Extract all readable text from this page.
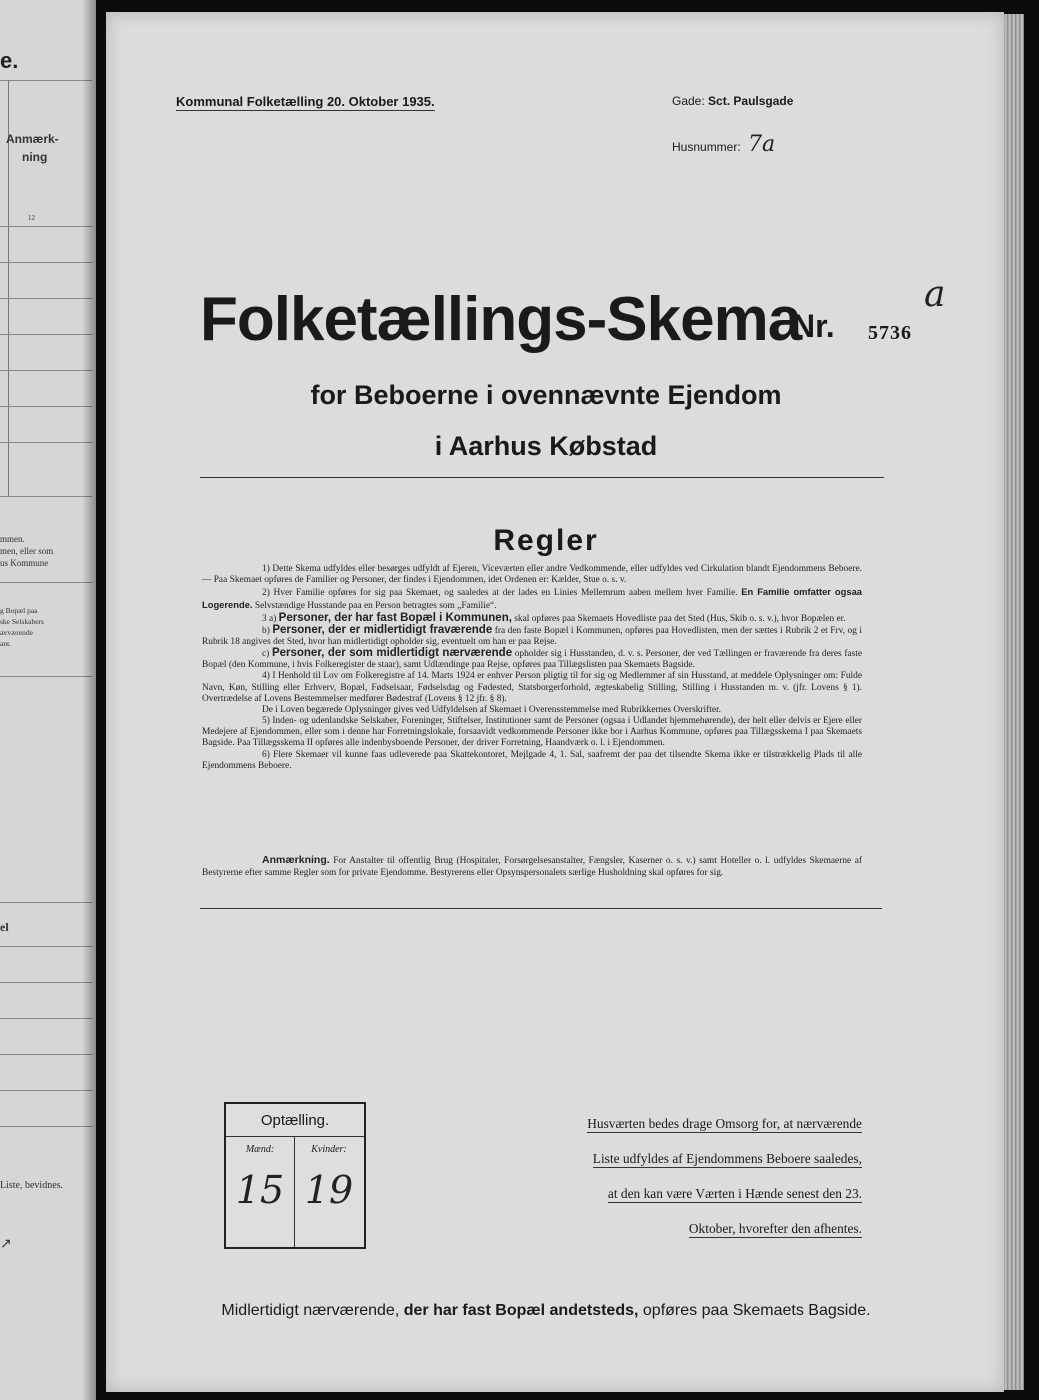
e.
Anmærk-
ning
12
mmen.
men, eller som
us Kommune
g Bopæl paa
ske Selskabers
ærværende
ant.
el
Liste, bevidnes.
↗
Kommunal Folketælling 20. Oktober 1935.	Gade: Sct. Paulsgade
Husnummer: 7a
Folketællings-Skema
Nr. 5736
a
for Beboerne i ovennævnte Ejendom
i Aarhus Købstad
Regler

1) Dette Skema udfyldes eller besørges udfyldt af Ejeren, Viceværten eller andre Vedkommende, eller udfyldes ved Cirkulation blandt Ejendommens Beboere. — Paa Skemaet opføres de Familier og Personer, der findes i Ejendommen, idet Ordenen er: Kælder, Stue o. s. v.

2) Hver Familie opføres for sig paa Skemaet, og saaledes at der lades en Linies Mellemrum aaben mellem hver Familie. En Familie omfatter ogsaa Logerende. Selvstændige Husstande paa en Person betragtes som „Familie“.

3 a) Personer, der har fast Bopæl i Kommunen, skal opføres paa Skemaets Hovedliste paa det Sted (Hus, Skib o. s. v.), hvor Bopælen er.

b) Personer, der er midlertidigt fraværende fra den faste Bopæl i Kommunen, opføres paa Hovedlisten, men der sættes i Rubrik 2 et Frv, og i Rubrik 18 angives det Sted, hvor han midlertidigt opholder sig, eventuelt om han er paa Rejse.

c) Personer, der som midlertidigt nærværende opholder sig i Husstanden, d. v. s. Personer, der ved Tællingen er fraværende fra deres faste Bopæl (den Kommune, i hvis Folkeregister de staar), samt Udlændinge paa Rejse, opføres paa Tillægslisten paa Skemaets Bagside.

4) I Henhold til Lov om Folkeregistre af 14. Marts 1924 er enhver Person pligtig til for sig og Medlemmer af sin Husstand, at meddele Oplysninger om: Fulde Navn, Køn, Stilling eller Erhverv, Bopæl, Fødselsaar, Fødselsdag og Fødested, Statsborgerforhold, ægteskabelig Stilling, Stilling i Husstanden m. v. (jfr. Lovens § 1). Overtrædelse af Lovens Bestemmelser medfører Bødestraf (Lovens § 12 jfr. § 8).

De i Loven begærede Oplysninger gives ved Udfyldelsen af Skemaet i Overensstemmelse med Rubrikkernes Overskrifter.

5) Inden- og udenlandske Selskaber, Foreninger, Stiftelser, Institutioner samt de Personer (ogsaa i Udlandet hjemmehørende), der helt eller delvis er Ejere eller Medejere af Ejendommen, eller som i denne har Forretningslokale, forsaavidt vedkommende Personer ikke bor i Aarhus Kommune, opføres paa Tillægsskema I paa Skemaets Bagside. Paa Tillægsskema II opføres alle indenbysboende Personer, der driver Forretning, Haandværk o. l. i Ejendommen.

6) Flere Skemaer vil kunne faas udleverede paa Skattekontoret, Mejlgade 4, 1. Sal, saafremt der paa det tilsendte Skema ikke er tilstrækkelig Plads til alle Ejendommens Beboere.

Anmærkning. For Anstalter til offentlig Brug (Hospitaler, Forsørgelsesanstalter, Fængsler, Kaserner o. s. v.) samt Hoteller o. l. udfyldes Skemaerne af Bestyrerne efter samme Regler som for private Ejendomme. Bestyrerens eller Opsynspersonalets særlige Husholdning skal opføres for sig.

Optælling.
Mænd:	Kvinder:
15 19
Husværten bedes drage Omsorg for, at nærværende
Liste udfyldes af Ejendommens Beboere saaledes,
at den kan være Værten i Hænde senest den 23.
Oktober, hvorefter den afhentes.
Midlertidigt nærværende, der har fast Bopæl andetsteds, opføres paa Skemaets Bagside.
